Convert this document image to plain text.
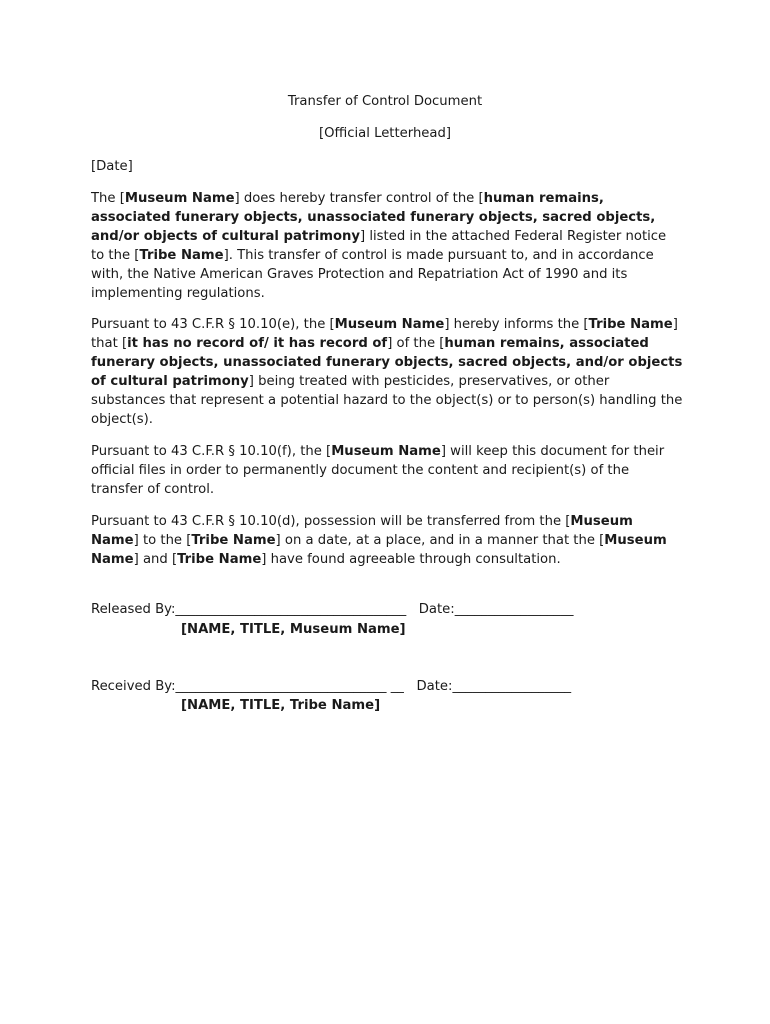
Transfer of Control Document
[Official Letterhead]

[Date]

The [Museum Name] does hereby transfer control of the [human remains, associated funerary objects, unassociated funerary objects, sacred objects, and/or objects of cultural patrimony] listed in the attached Federal Register notice to the [Tribe Name]. This transfer of control is made pursuant to, and in accordance with, the Native American Graves Protection and Repatriation Act of 1990 and its implementing regulations.

Pursuant to 43 C.F.R § 10.10(e), the [Museum Name] hereby informs the [Tribe Name] that [it has no record of/ it has record of] of the [human remains, associated funerary objects, unassociated funerary objects, sacred objects, and/or objects of cultural patrimony] being treated with pesticides, preservatives, or other substances that represent a potential hazard to the object(s) or to person(s) handling the object(s).

Pursuant to 43 C.F.R § 10.10(f), the [Museum Name] will keep this document for their official files in order to permanently document the content and recipient(s) of the transfer of control.

Pursuant to 43 C.F.R § 10.10(d), possession will be transferred from the [Museum Name] to the [Tribe Name] on a date, at a place, and in a manner that the [Museum Name] and [Tribe Name] have found agreeable through consultation.

Released By:___________________________________   Date:__________________
[NAME, TITLE, Museum Name]
Received By:________________________________ __   Date:__________________
[NAME, TITLE, Tribe Name]
